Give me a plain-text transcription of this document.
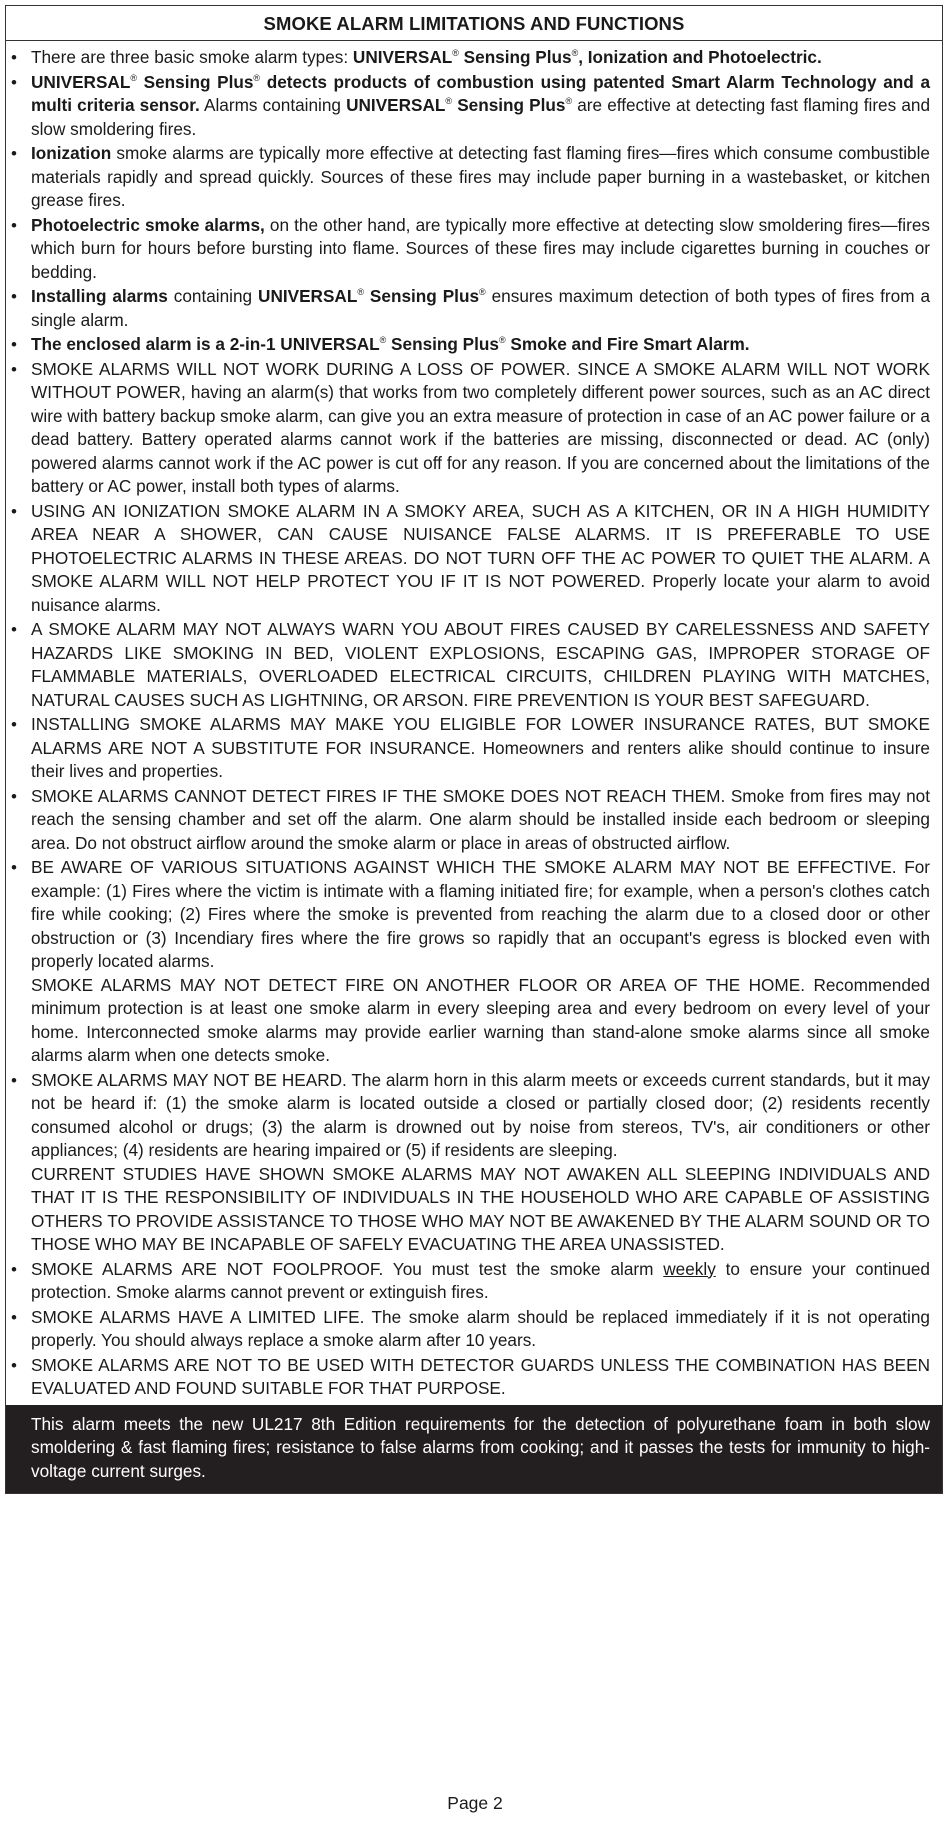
SMOKE ALARM LIMITATIONS AND FUNCTIONS
• There are three basic smoke alarm types: UNIVERSAL® Sensing Plus®, Ionization and Photoelectric.
• UNIVERSAL® Sensing Plus® detects products of combustion using patented Smart Alarm Technology and a multi criteria sensor. Alarms containing UNIVERSAL® Sensing Plus® are effective at detecting fast flaming fires and slow smoldering fires.
• Ionization smoke alarms are typically more effective at detecting fast flaming fires—fires which consume combustible materials rapidly and spread quickly. Sources of these fires may include paper burning in a wastebasket, or kitchen grease fires.
• Photoelectric smoke alarms, on the other hand, are typically more effective at detecting slow smoldering fires—fires which burn for hours before bursting into flame. Sources of these fires may include cigarettes burning in couches or bedding.
• Installing alarms containing UNIVERSAL® Sensing Plus® ensures maximum detection of both types of fires from a single alarm.
• The enclosed alarm is a 2-in-1 UNIVERSAL® Sensing Plus® Smoke and Fire Smart Alarm.
• SMOKE ALARMS WILL NOT WORK DURING A LOSS OF POWER. SINCE A SMOKE ALARM WILL NOT WORK WITHOUT POWER, having an alarm(s) that works from two completely different power sources, such as an AC direct wire with battery backup smoke alarm, can give you an extra measure of protection in case of an AC power failure or a dead battery. Battery operated alarms cannot work if the batteries are missing, disconnected or dead. AC (only) powered alarms cannot work if the AC power is cut off for any reason. If you are concerned about the limitations of the battery or AC power, install both types of alarms.
• USING AN IONIZATION SMOKE ALARM IN A SMOKY AREA, SUCH AS A KITCHEN, OR IN A HIGH HUMIDITY AREA NEAR A SHOWER, CAN CAUSE NUISANCE FALSE ALARMS. IT IS PREFERABLE TO USE PHOTOELECTRIC ALARMS IN THESE AREAS. DO NOT TURN OFF THE AC POWER TO QUIET THE ALARM. A SMOKE ALARM WILL NOT HELP PROTECT YOU IF IT IS NOT POWERED. Properly locate your alarm to avoid nuisance alarms.
• A SMOKE ALARM MAY NOT ALWAYS WARN YOU ABOUT FIRES CAUSED BY CARELESSNESS AND SAFETY HAZARDS LIKE SMOKING IN BED, VIOLENT EXPLOSIONS, ESCAPING GAS, IMPROPER STORAGE OF FLAMMABLE MATERIALS, OVERLOADED ELECTRICAL CIRCUITS, CHILDREN PLAYING WITH MATCHES, NATURAL CAUSES SUCH AS LIGHTNING, OR ARSON. FIRE PREVENTION IS YOUR BEST SAFEGUARD.
• INSTALLING SMOKE ALARMS MAY MAKE YOU ELIGIBLE FOR LOWER INSURANCE RATES, BUT SMOKE ALARMS ARE NOT A SUBSTITUTE FOR INSURANCE. Homeowners and renters alike should continue to insure their lives and properties.
• SMOKE ALARMS CANNOT DETECT FIRES IF THE SMOKE DOES NOT REACH THEM. Smoke from fires may not reach the sensing chamber and set off the alarm. One alarm should be installed inside each bedroom or sleeping area. Do not obstruct airflow around the smoke alarm or place in areas of obstructed airflow.
• BE AWARE OF VARIOUS SITUATIONS AGAINST WHICH THE SMOKE ALARM MAY NOT BE EFFECTIVE. For example: (1) Fires where the victim is intimate with a flaming initiated fire; for example, when a person's clothes catch fire while cooking; (2) Fires where the smoke is prevented from reaching the alarm due to a closed door or other obstruction or (3) Incendiary fires where the fire grows so rapidly that an occupant's egress is blocked even with properly located alarms.
SMOKE ALARMS MAY NOT DETECT FIRE ON ANOTHER FLOOR OR AREA OF THE HOME. Recommended minimum protection is at least one smoke alarm in every sleeping area and every bedroom on every level of your home. Interconnected smoke alarms may provide earlier warning than stand-alone smoke alarms since all smoke alarms alarm when one detects smoke.
• SMOKE ALARMS MAY NOT BE HEARD. The alarm horn in this alarm meets or exceeds current standards, but it may not be heard if: (1) the smoke alarm is located outside a closed or partially closed door; (2) residents recently consumed alcohol or drugs; (3) the alarm is drowned out by noise from stereos, TV's, air conditioners or other appliances; (4) residents are hearing impaired or (5) if residents are sleeping.
CURRENT STUDIES HAVE SHOWN SMOKE ALARMS MAY NOT AWAKEN ALL SLEEPING INDIVIDUALS AND THAT IT IS THE RESPONSIBILITY OF INDIVIDUALS IN THE HOUSEHOLD WHO ARE CAPABLE OF ASSISTING OTHERS TO PROVIDE ASSISTANCE TO THOSE WHO MAY NOT BE AWAKENED BY THE ALARM SOUND OR TO THOSE WHO MAY BE INCAPABLE OF SAFELY EVACUATING THE AREA UNASSISTED.
• SMOKE ALARMS ARE NOT FOOLPROOF. You must test the smoke alarm weekly to ensure your continued protection. Smoke alarms cannot prevent or extinguish fires.
• SMOKE ALARMS HAVE A LIMITED LIFE. The smoke alarm should be replaced immediately if it is not operating properly. You should always replace a smoke alarm after 10 years.
• SMOKE ALARMS ARE NOT TO BE USED WITH DETECTOR GUARDS UNLESS THE COMBINATION HAS BEEN EVALUATED AND FOUND SUITABLE FOR THAT PURPOSE.
This alarm meets the new UL217 8th Edition requirements for the detection of polyurethane foam in both slow smoldering & fast flaming fires; resistance to false alarms from cooking; and it passes the tests for immunity to high-voltage current surges.
Page 2
